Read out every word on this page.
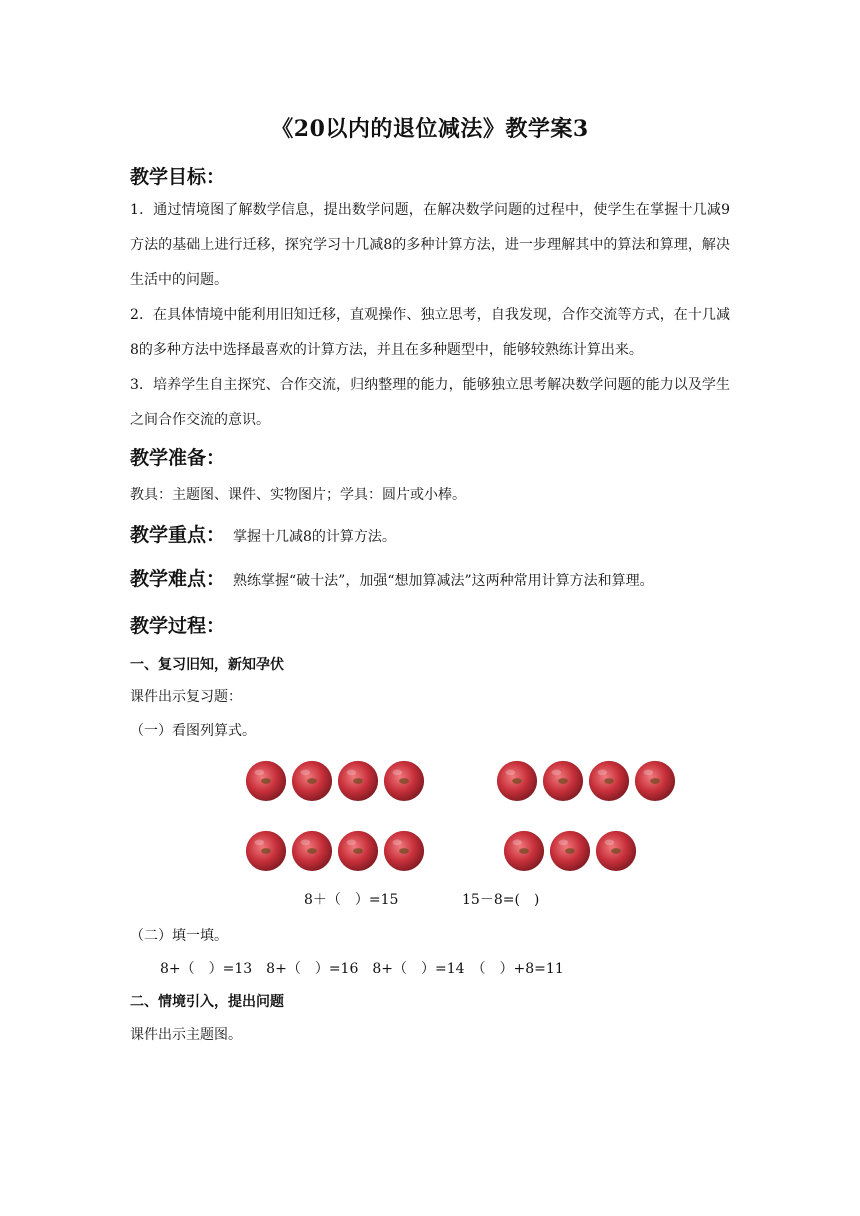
《20以内的退位减法》教学案3
教学目标：
1．通过情境图了解数学信息，提出数学问题，在解决数学问题的过程中，使学生在掌握十几减9方法的基础上进行迁移，探究学习十几减8的多种计算方法，进一步理解其中的算法和算理，解决生活中的问题。
2．在具体情境中能利用旧知迁移，直观操作、独立思考，自我发现，合作交流等方式，在十几减8的多种方法中选择最喜欢的计算方法，并且在多种题型中，能够较熟练计算出来。
3．培养学生自主探究、合作交流，归纳整理的能力，能够独立思考解决数学问题的能力以及学生之间合作交流的意识。
教学准备：
教具：主题图、课件、实物图片；学具：圆片或小棒。
教学重点： 掌握十几减8的计算方法。
教学难点： 熟练掌握“破十法”，加强“想加算减法”这两种常用计算方法和算理。
教学过程：
一、复习旧知，新知孕伏
课件出示复习题：
（一）看图列算式。
8＋（　）=15	15－8=(　)
（二）填一填。
8+（　）=13　8+（　）=16　8+（　）=14　（　）+8=11
二、情境引入，提出问题
课件出示主题图。
